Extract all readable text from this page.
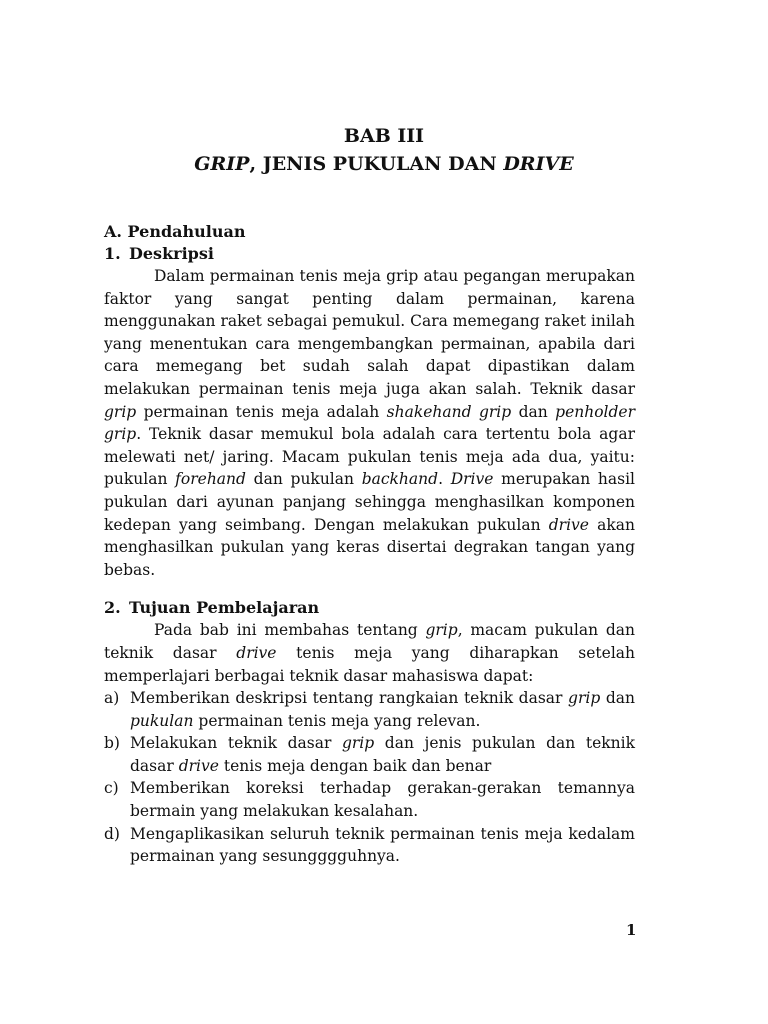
BAB III
GRIP, JENIS PUKULAN DAN DRIVE
A. Pendahuluan
1. Deskripsi

Dalam permainan tenis meja grip atau pegangan merupakan faktor yang sangat penting dalam permainan, karena menggunakan raket sebagai pemukul. Cara memegang raket inilah yang menentukan cara mengembangkan permainan, apabila dari cara memegang bet sudah salah dapat dipastikan dalam melakukan permainan tenis meja juga akan salah. Teknik dasar grip permainan tenis meja adalah shakehand grip dan penholder grip. Teknik dasar memukul bola adalah cara tertentu bola agar melewati net/ jaring. Macam pukulan tenis meja ada dua, yaitu: pukulan forehand dan pukulan backhand. Drive merupakan hasil pukulan dari ayunan panjang sehingga menghasilkan komponen kedepan yang seimbang. Dengan melakukan pukulan drive akan menghasilkan pukulan yang keras disertai degrakan tangan yang bebas.

2. Tujuan Pembelajaran

Pada bab ini membahas tentang grip, macam pukulan dan teknik dasar drive tenis meja yang diharapkan setelah memperlajari berbagai teknik dasar mahasiswa dapat:

a) Memberikan deskripsi tentang rangkaian teknik dasar grip dan pukulan permainan tenis meja yang relevan.
b) Melakukan teknik dasar grip dan jenis pukulan dan teknik dasar drive tenis meja dengan baik dan benar
c) Memberikan koreksi terhadap gerakan-gerakan temannya bermain yang melakukan kesalahan.
d) Mengaplikasikan seluruh teknik permainan tenis meja kedalam permainan yang sesungggguhnya.
1
